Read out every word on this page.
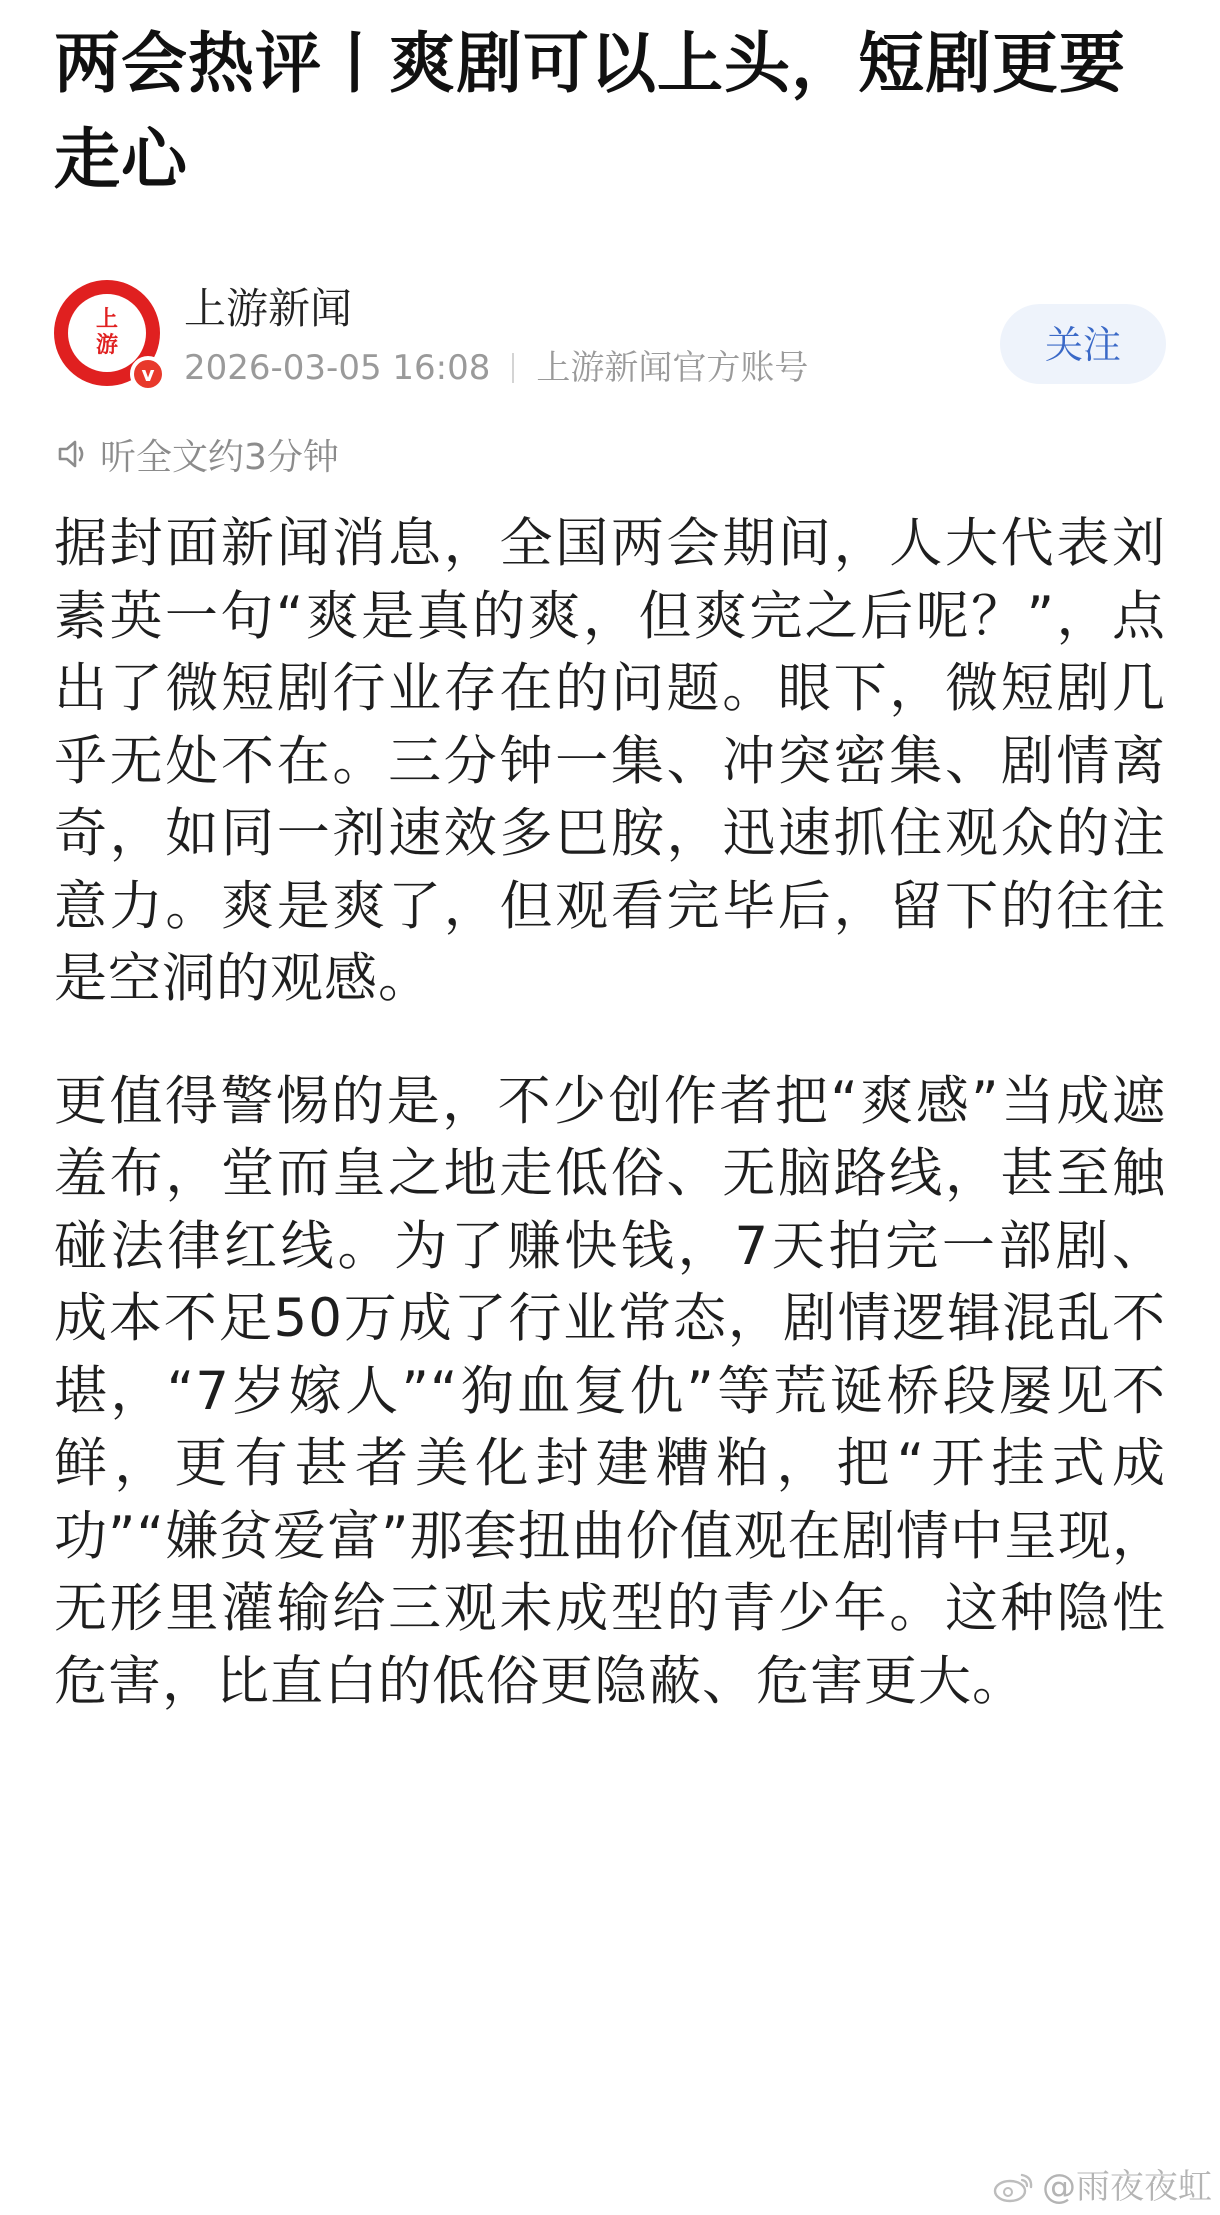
两会热评丨爽剧可以上头，短剧更要走心
上
游
v
上游新闻
2026-03-05 16:08 上游新闻官方账号
关注
听全文约3分钟

据封面新闻消息，全国两会期间，人大代表刘素英一句“爽是真的爽，但爽完之后呢？”，点出了微短剧行业存在的问题。眼下，微短剧几乎无处不在。三分钟一集、冲突密集、剧情离奇，如同一剂速效多巴胺，迅速抓住观众的注意力。爽是爽了，但观看完毕后，留下的往往是空洞的观感。

更值得警惕的是，不少创作者把“爽感”当成遮羞布，堂而皇之地走低俗、无脑路线，甚至触碰法律红线。为了赚快钱，7天拍完一部剧、成本不足50万成了行业常态，剧情逻辑混乱不堪，“7岁嫁人”“狗血复仇”等荒诞桥段屡见不鲜，更有甚者美化封建糟粕，把“开挂式成功”“嫌贫爱富”那套扭曲价值观在剧情中呈现，无形里灌输给三观未成型的青少年。这种隐性危害，比直白的低俗更隐蔽、危害更大。

@雨夜夜虹
